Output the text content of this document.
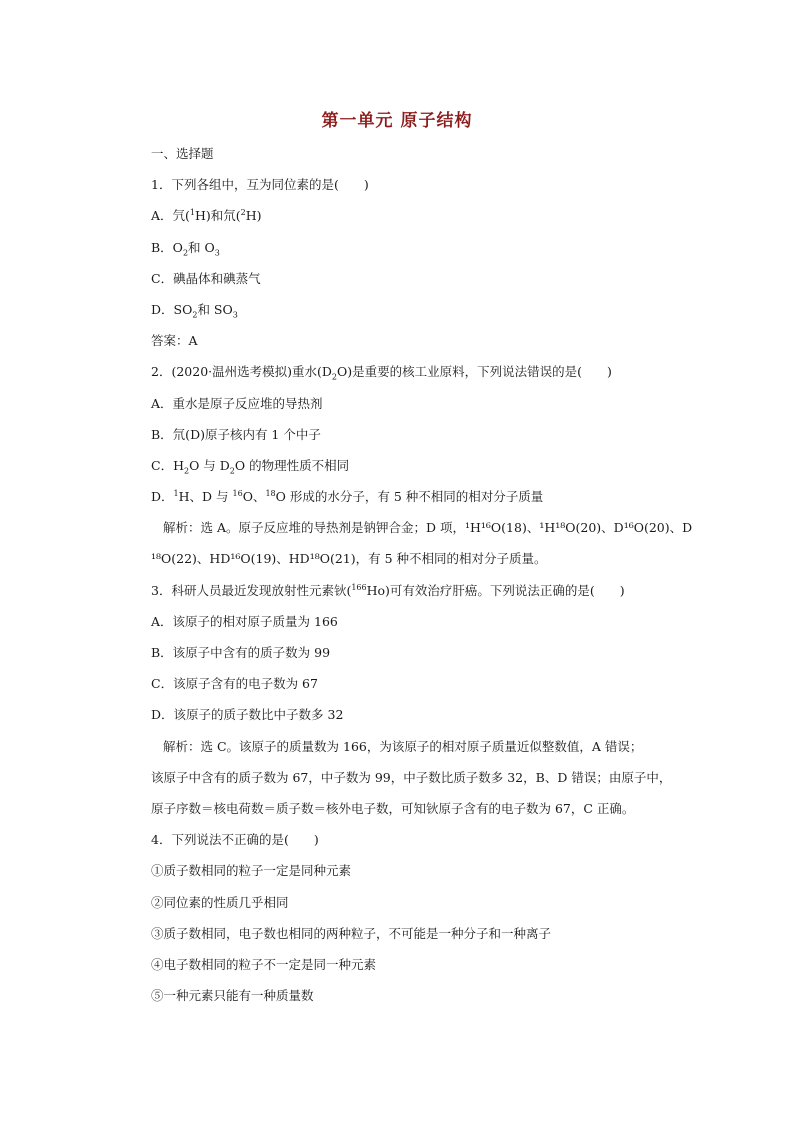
第一单元 原子结构
一、选择题
1．下列各组中，互为同位素的是(　　)
A．氕($^1$H)和氘($^2$H)
B．$O_2$和 $O_3$
C．碘晶体和碘蒸气
D．$SO_2$和 $SO_3$
答案：A
2．(2020·温州选考模拟)重水$(D_2O)$是重要的核工业原料，下列说法错误的是(　　)
A．重水是原子反应堆的导热剂
B．氘(D)原子核内有 1 个中子
C．$H_2O$ 与 $D_2O$ 的物理性质不相同
D．$^1$H、D 与 $^{16}$O、$^{18}$O 形成的水分子，有 5 种不相同的相对分子质量
解析：选 A。原子反应堆的导热剂是钠钾合金；D 项，¹H¹⁶O(18)、¹H¹⁸O(20)、D¹⁶O(20)、D
¹⁸O(22)、HD¹⁶O(19)、HD¹⁸O(21)，有 5 种不相同的相对分子质量。
3．科研人员最近发现放射性元素钬($^{166}$Ho)可有效治疗肝癌。下列说法正确的是(　　)
A．该原子的相对原子质量为 166
B．该原子中含有的质子数为 99
C．该原子含有的电子数为 67
D．该原子的质子数比中子数多 32
解析：选 C。该原子的质量数为 166，为该原子的相对原子质量近似整数值，A 错误；
该原子中含有的质子数为 67，中子数为 99，中子数比质子数多 32，B、D 错误；由原子中，
原子序数＝核电荷数＝质子数＝核外电子数，可知钬原子含有的电子数为 67，C 正确。
4．下列说法不正确的是(　　)
①质子数相同的粒子一定是同种元素
②同位素的性质几乎相同
③质子数相同，电子数也相同的两种粒子，不可能是一种分子和一种离子
④电子数相同的粒子不一定是同一种元素
⑤一种元素只能有一种质量数
